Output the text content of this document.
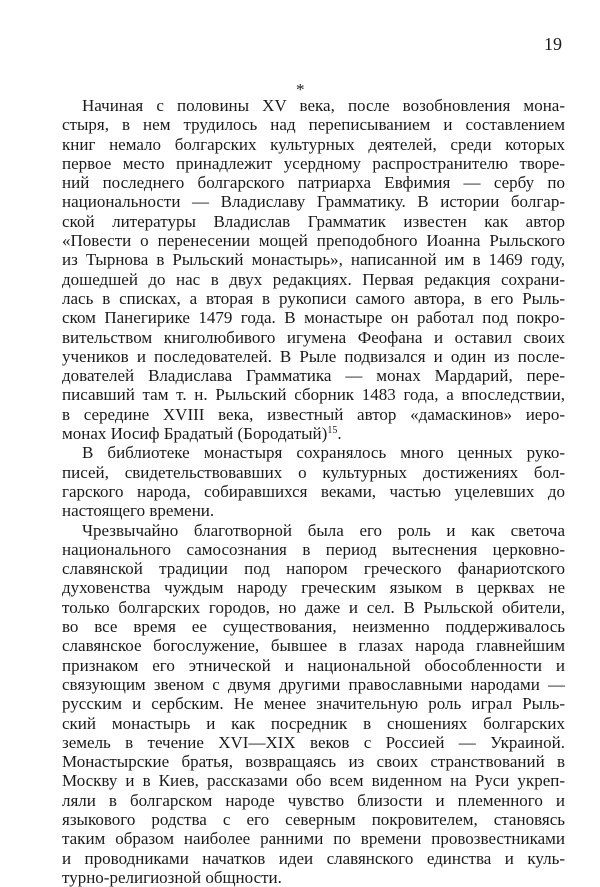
19
*
Начиная с половины XV века, после возобновления мона-
стыря, в нем трудилось над переписыванием и составлением
книг немало болгарских культурных деятелей, среди которых
первое место принадлежит усердному распространителю творе-
ний последнего болгарского патриарха Евфимия — сербу по
национальности — Владиславу Грамматику. В истории болгар-
ской литературы Владислав Грамматик известен как автор
«Повести о перенесении мощей преподобного Иоанна Рыльского
из Тырнова в Рыльский монастырь», написанной им в 1469 году,
дошедшей до нас в двух редакциях. Первая редакция сохрани-
лась в списках, а вторая в рукописи самого автора, в его Рыль-
ском Панегирике 1479 года. В монастыре он работал под покро-
вительством книголюбивого игумена Феофана и оставил своих
учеников и последователей. В Рыле подвизался и один из после-
дователей Владислава Грамматика — монах Мардарий, пере-
писавший там т. н. Рыльский сборник 1483 года, а впоследствии,
в середине XVIII века, известный автор «дамаскинов» иеро-
монах Иосиф Брадатый (Бородатый)$^{15}$.
В библиотеке монастыря сохранялось много ценных руко-
писей, свидетельствовавших о культурных достижениях бол-
гарского народа, собиравшихся веками, частью уцелевших до
настоящего времени.
Чрезвычайно благотворной была его роль и как светоча
национального самосознания в период вытеснения церковно-
славянской традиции под напором греческого фанариотского
духовенства чуждым народу греческим языком в церквах не
только болгарских городов, но даже и сел. В Рыльской обители,
во все время ее существования, неизменно поддерживалось
славянское богослужение, бывшее в глазах народа главнейшим
признаком его этнической и национальной обособленности и
связующим звеном с двумя другими православными народами —
русским и сербским. Не менее значительную роль играл Рыль-
ский монастырь и как посредник в сношениях болгарских
земель в течение XVI—XIX веков с Россией — Украиной.
Монастырские братья, возвращаясь из своих странствований в
Москву и в Киев, рассказами обо всем виденном на Руси укреп-
ляли в болгарском народе чувство близости и племенного и
языкового родства с его северным покровителем, становясь
таким образом наиболее ранними по времени провозвестниками
и проводниками начатков идеи славянского единства и куль-
турно-религиозной общности.
